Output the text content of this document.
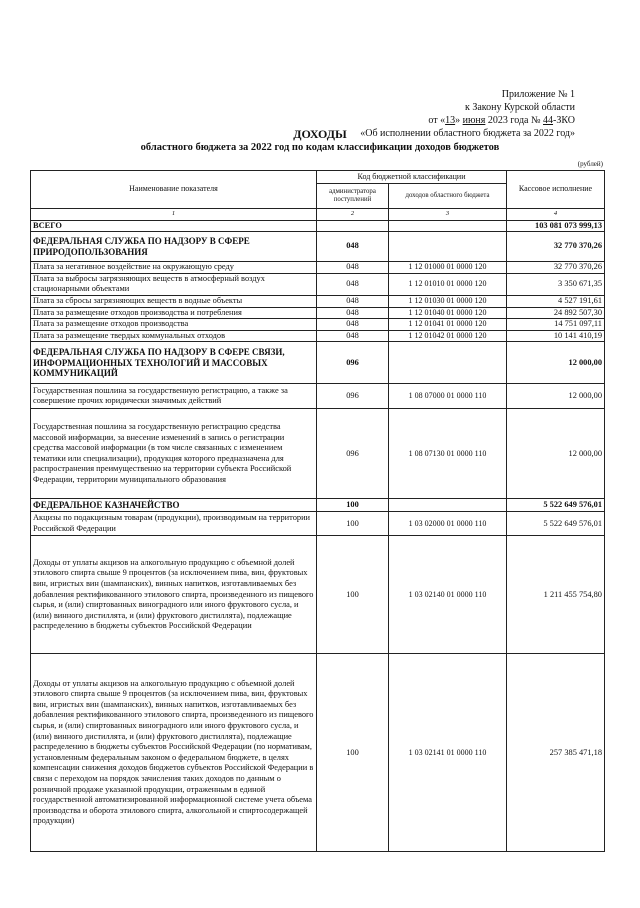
Приложение № 1
к Закону Курской области
от «13» июня 2023 года № 44-ЗКО
«Об исполнении областного бюджета за 2022 год»
ДОХОДЫ
областного бюджета за 2022 год по кодам классификации доходов бюджетов
(рублей)
Наименование показателя	Код бюджетной классификации		Кассовое исполнение
	администратора поступлений	доходов областного бюджета	
1	2	3	4
ВСЕГО			103 081 073 999,13
ФЕДЕРАЛЬНАЯ СЛУЖБА ПО НАДЗОРУ В СФЕРЕ ПРИРОДОПОЛЬЗОВАНИЯ	048		32 770 370,26
Плата за негативное воздействие на окружающую среду	048	1 12 01000 01 0000 120	32 770 370,26
Плата за выбросы загрязняющих веществ в атмосферный воздух стационарными объектами	048	1 12 01010 01 0000 120	3 350 671,35
Плата за сбросы загрязняющих веществ в водные объекты	048	1 12 01030 01 0000 120	4 527 191,61
Плата за размещение отходов производства и потребления	048	1 12 01040 01 0000 120	24 892 507,30
Плата за размещение отходов производства	048	1 12 01041 01 0000 120	14 751 097,11
Плата за размещение твердых коммунальных отходов	048	1 12 01042 01 0000 120	10 141 410,19
ФЕДЕРАЛЬНАЯ СЛУЖБА ПО НАДЗОРУ В СФЕРЕ СВЯЗИ, ИНФОРМАЦИОННЫХ ТЕХНОЛОГИЙ И МАССОВЫХ КОММУНИКАЦИЙ	096		12 000,00
Государственная пошлина за государственную регистрацию, а также за совершение прочих юридически значимых действий	096	1 08 07000 01 0000 110	12 000,00
Государственная пошлина за государственную регистрацию средства массовой информации, за внесение изменений в запись о регистрации средства массовой информации (в том числе связанных с изменением тематики или специализации), продукция которого предназначена для распространения преимущественно на территории субъекта Российской Федерации, территории муниципального образования	096	1 08 07130 01 0000 110	12 000,00
ФЕДЕРАЛЬНОЕ КАЗНАЧЕЙСТВО	100		5 522 649 576,01
Акцизы по подакцизным товарам (продукции), производимым на территории Российской Федерации	100	1 03 02000 01 0000 110	5 522 649 576,01
Доходы от уплаты акцизов на алкогольную продукцию с объемной долей этилового спирта свыше 9 процентов (за исключением пива, вин, фруктовых вин, игристых вин (шампанских), винных напитков, изготавливаемых без добавления ректификованного этилового спирта, произведенного из пищевого сырья, и (или) спиртованных виноградного или иного фруктового сусла, и (или) винного дистиллята, и (или) фруктового дистиллята), подлежащие распределению в бюджеты субъектов Российской Федерации	100	1 03 02140 01 0000 110	1 211 455 754,80
Доходы от уплаты акцизов на алкогольную продукцию с объемной долей этилового спирта свыше 9 процентов (за исключением пива, вин, фруктовых вин, игристых вин (шампанских), винных напитков, изготавливаемых без добавления ректификованного этилового спирта, произведенного из пищевого сырья, и (или) спиртованных виноградного или иного фруктового сусла, и (или) винного дистиллята, и (или) фруктового дистиллята), подлежащие распределению в бюджеты субъектов Российской Федерации (по нормативам, установленным федеральным законом о федеральном бюджете, в целях компенсации снижения доходов бюджетов субъектов Российской Федерации в связи с переходом на порядок зачисления таких доходов по данным о розничной продаже указанной продукции, отраженным в единой государственной автоматизированной информационной системе учета объема производства и оборота этилового спирта, алкогольной и спиртосодержащей продукции)	100	1 03 02141 01 0000 110	257 385 471,18
